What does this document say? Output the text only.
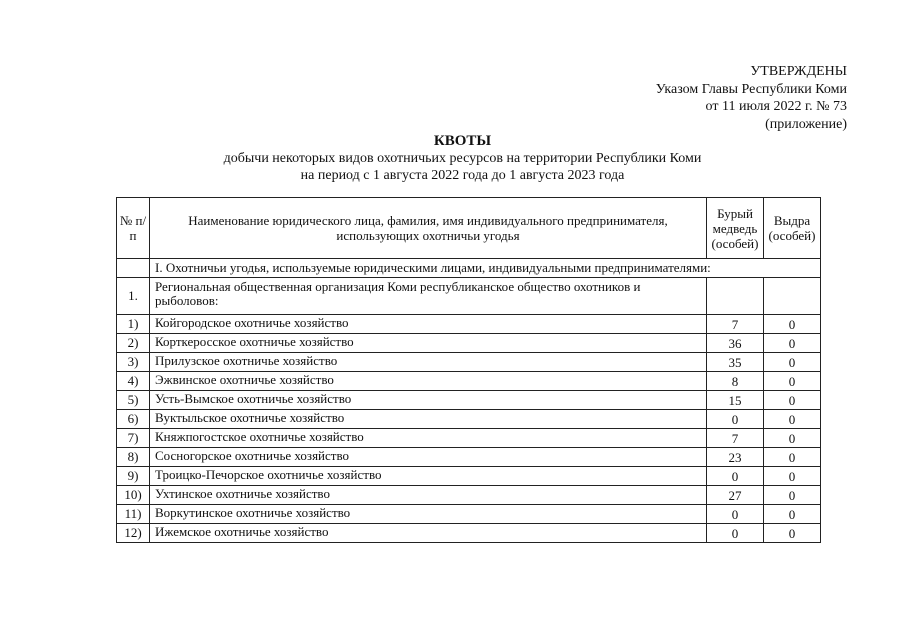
УТВЕРЖДЕНЫ
Указом Главы Республики Коми
от 11 июля 2022 г. № 73
(приложение)
КВОТЫ
добычи некоторых видов охотничьих ресурсов на территории Республики Коми
на период с 1 августа 2022 года до 1 августа 2023 года
№ п/п	Наименование юридического лица, фамилия, имя индивидуального предпринимателя, использующих охотничьи угодья	Бурый медведь (особей)	Выдра (особей)
	I. Охотничьи угодья, используемые юридическими лицами, индивидуальными предпринимателями:		
1.	Региональная общественная организация Коми республиканское общество охотников и рыболовов:		
1)	Койгородское охотничье хозяйство	7	0
2)	Корткеросское охотничье хозяйство	36	0
3)	Прилузское охотничье хозяйство	35	0
4)	Эжвинское охотничье хозяйство	8	0
5)	Усть-Вымское охотничье хозяйство	15	0
6)	Вуктыльское охотничье хозяйство	0	0
7)	Княжпогостское охотничье хозяйство	7	0
8)	Сосногорское охотничье хозяйство	23	0
9)	Троицко-Печорское охотничье хозяйство	0	0
10)	Ухтинское охотничье хозяйство	27	0
11)	Воркутинское охотничье хозяйство	0	0
12)	Ижемское охотничье хозяйство	0	0
